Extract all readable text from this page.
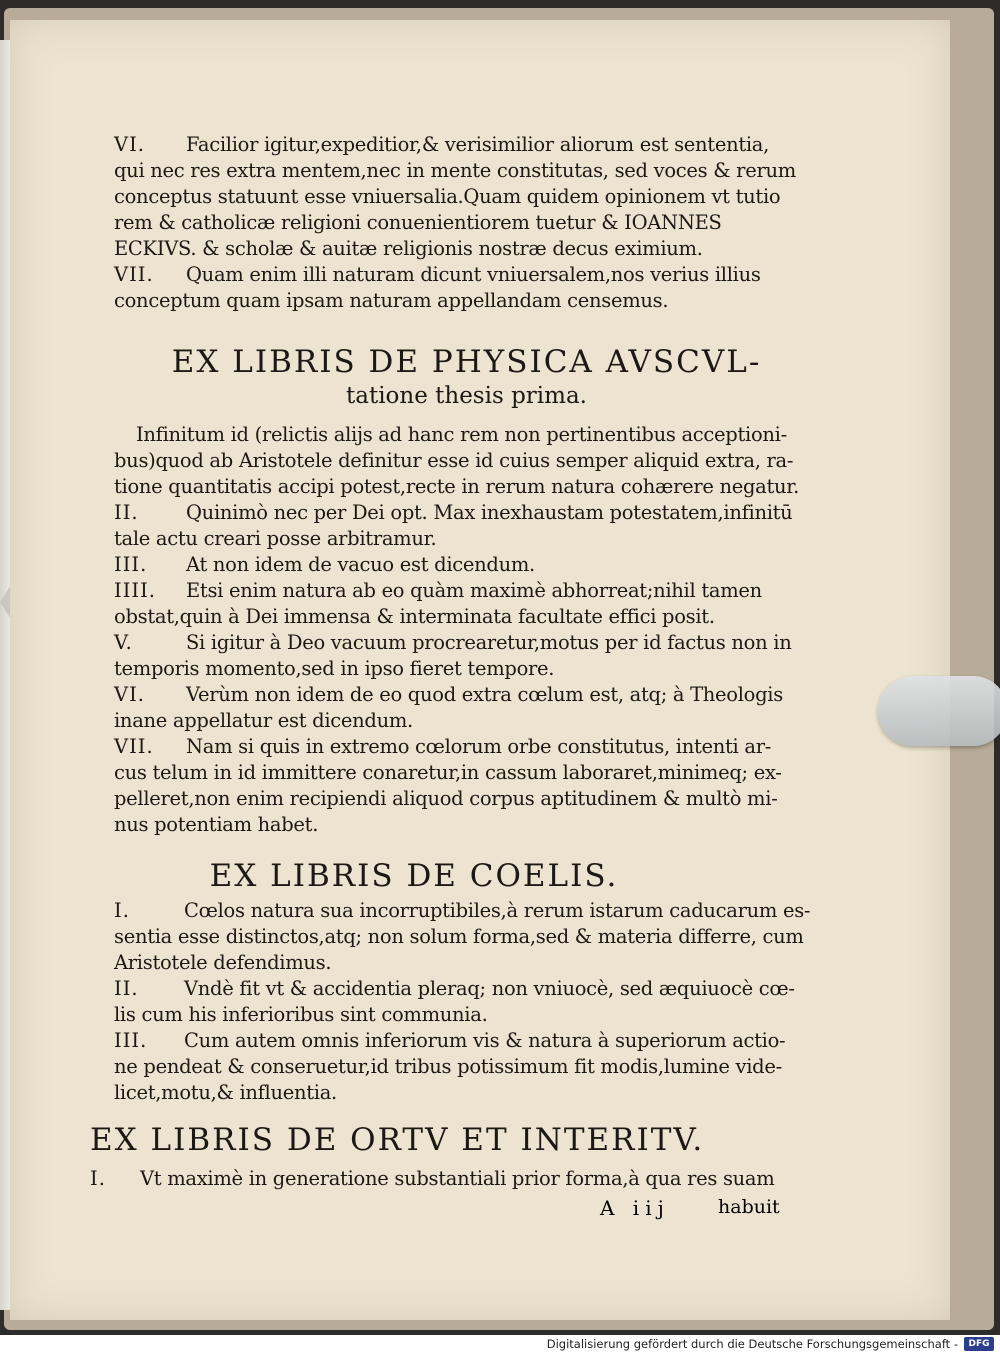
VI. Facilior igitur,expeditior,& verisimilior aliorum est sententia,
qui nec res extra mentem,nec in mente constitutas, sed voces & rerum
conceptus statuunt esse vniuersalia.Quam quidem opinionem vt tutio
rem & catholicæ religioni conuenientiorem tuetur & IOANNES
ECKIVS. & scholæ & auitæ religionis nostræ decus eximium.
VII. Quam enim illi naturam dicunt vniuersalem,nos verius illius
conceptum quam ipsam naturam appellandam censemus.
EX LIBRIS DE PHYSICA AVSCVL-
tatione thesis prima.
Infinitum id (relictis alijs ad hanc rem non pertinentibus acceptioni-
bus)quod ab Aristotele definitur esse id cuius semper aliquid extra, ra-
tione quantitatis accipi potest,recte in rerum natura cohærere negatur.
II. Quinimò nec per Dei opt. Max inexhaustam potestatem,infinitū
tale actu creari posse arbitramur.
III. At non idem de vacuo est dicendum.
IIII. Etsi enim natura ab eo quàm maximè abhorreat;nihil tamen
obstat,quin à Dei immensa & interminata facultate effici posit.
V.	Si igitur à Deo vacuum procrearetur,motus per id factus non in
temporis momento,sed in ipso fieret tempore.
VI. Verùm non idem de eo quod extra cœlum est, atq; à Theologis
inane appellatur est dicendum.
VII. Nam si quis in extremo cœlorum orbe constitutus, intenti ar-
cus telum in id immittere conaretur,in cassum laboraret,minimeq; ex-
pelleret,non enim recipiendi aliquod corpus aptitudinem & multò mi-
nus potentiam habet.
EX LIBRIS DE COELIS.
I.	Cœlos natura sua incorruptibiles,à rerum istarum caducarum es-
sentia esse distinctos,atq; non solum forma,sed & materia differre, cum
Aristotele defendimus.
II. Vndè fit vt & accidentia pleraq; non vniuocè, sed æquiuocè cœ-
lis cum his inferioribus sint communia.
III. Cum autem omnis inferiorum vis & natura à superiorum actio-
ne pendeat & conseruetur,id tribus potissimum fit modis,lumine vide-
licet,motu,& influentia.
EX LIBRIS DE ORTV ET INTERITV.
I. Vt maximè in generatione substantiali prior forma,à qua res suam
A iij	habuit
Digitalisierung gefördert durch die Deutsche Forschungsgemeinschaft -	DFG
